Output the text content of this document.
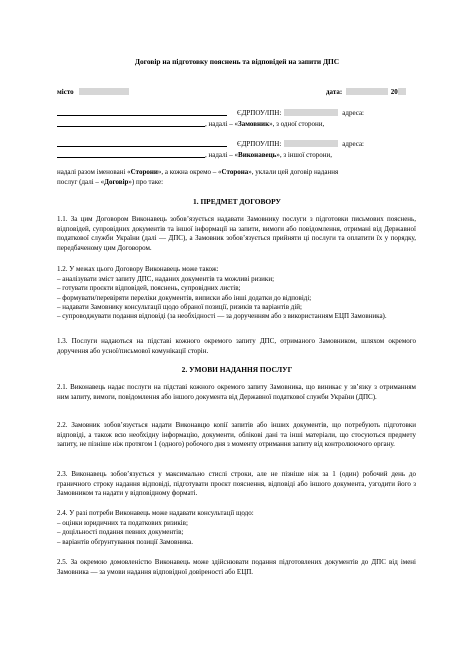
Договір на підготовку пояснень та відповідей на запити ДПС
місто	дата:	20
ЄДРПОУ/ІПН:	адреса:
, надалі – «Замовник», з одної сторони,
ЄДРПОУ/ІПН:	адреса:
, надалі – «Виконавець», з іншої сторони,
надалі разом іменовані «Сторони», а кожна окремо – «Сторона», уклали цей договір надання
послуг (далі – «Договір») про таке:
1. ПРЕДМЕТ ДОГОВОРУ
1.1. За цим Договором Виконавець зобов’язується надавати Замовнику послуги з підготовки письмових пояснень, відповідей, супровідних документів та іншої інформації на запити, вимоги або повідомлення, отримані від Державної податкової служби України (далі — ДПС), а Замовник зобов’язується прийняти ці послуги та оплатити їх у порядку, передбаченому цим Договором.
1.2. У межах цього Договору Виконавець може також:
– аналізувати зміст запиту ДПС, наданих документів та можливі ризики;
– готувати проєкти відповідей, пояснень, супровідних листів;
– формувати/перевіряти переліки документів, виписки або інші додатки до відповіді;
– надавати Замовнику консультації щодо обраної позиції, ризиків та варіантів дій;
– супроводжувати подання відповіді (за необхідності — за дорученням або з використанням ЕЦП Замовника).
1.3. Послуги надаються на підставі кожного окремого запиту ДПС, отриманого Замовником, шляхом окремого доручення або усної/письмової комунікації сторін.
2. УМОВИ НАДАННЯ ПОСЛУГ
2.1. Виконавець надає послуги на підставі кожного окремого запиту Замовника, що виникає у зв’язку з отриманням ним запиту, вимоги, повідомлення або іншого документа від Державної податкової служби України (ДПС).
2.2. Замовник зобов’язується надати Виконавцю копії запитів або інших документів, що потребують підготовки відповіді, а також всю необхідну інформацію, документи, облікові дані та інші матеріали, що стосуються предмету запиту, не пізніше ніж протягом 1 (одного) робочого дня з моменту отримання запиту від контролюючого органу.
2.3. Виконавець зобов’язується у максимально стислі строки, але не пізніше ніж за 1 (один) робочий день до граничного строку надання відповіді, підготувати проєкт пояснення, відповіді або іншого документа, узгодити його з Замовником та надати у відповідному форматі.
2.4. У разі потреби Виконавець може надавати консультації щодо:
– оцінки юридичних та податкових ризиків;
– доцільності подання певних документів;
– варіантів обґрунтування позиції Замовника.
2.5. За окремою домовленістю Виконавець може здійснювати подання підготовлених документів до ДПС від імені Замовника — за умови надання відповідної довіреності або ЕЦП.
